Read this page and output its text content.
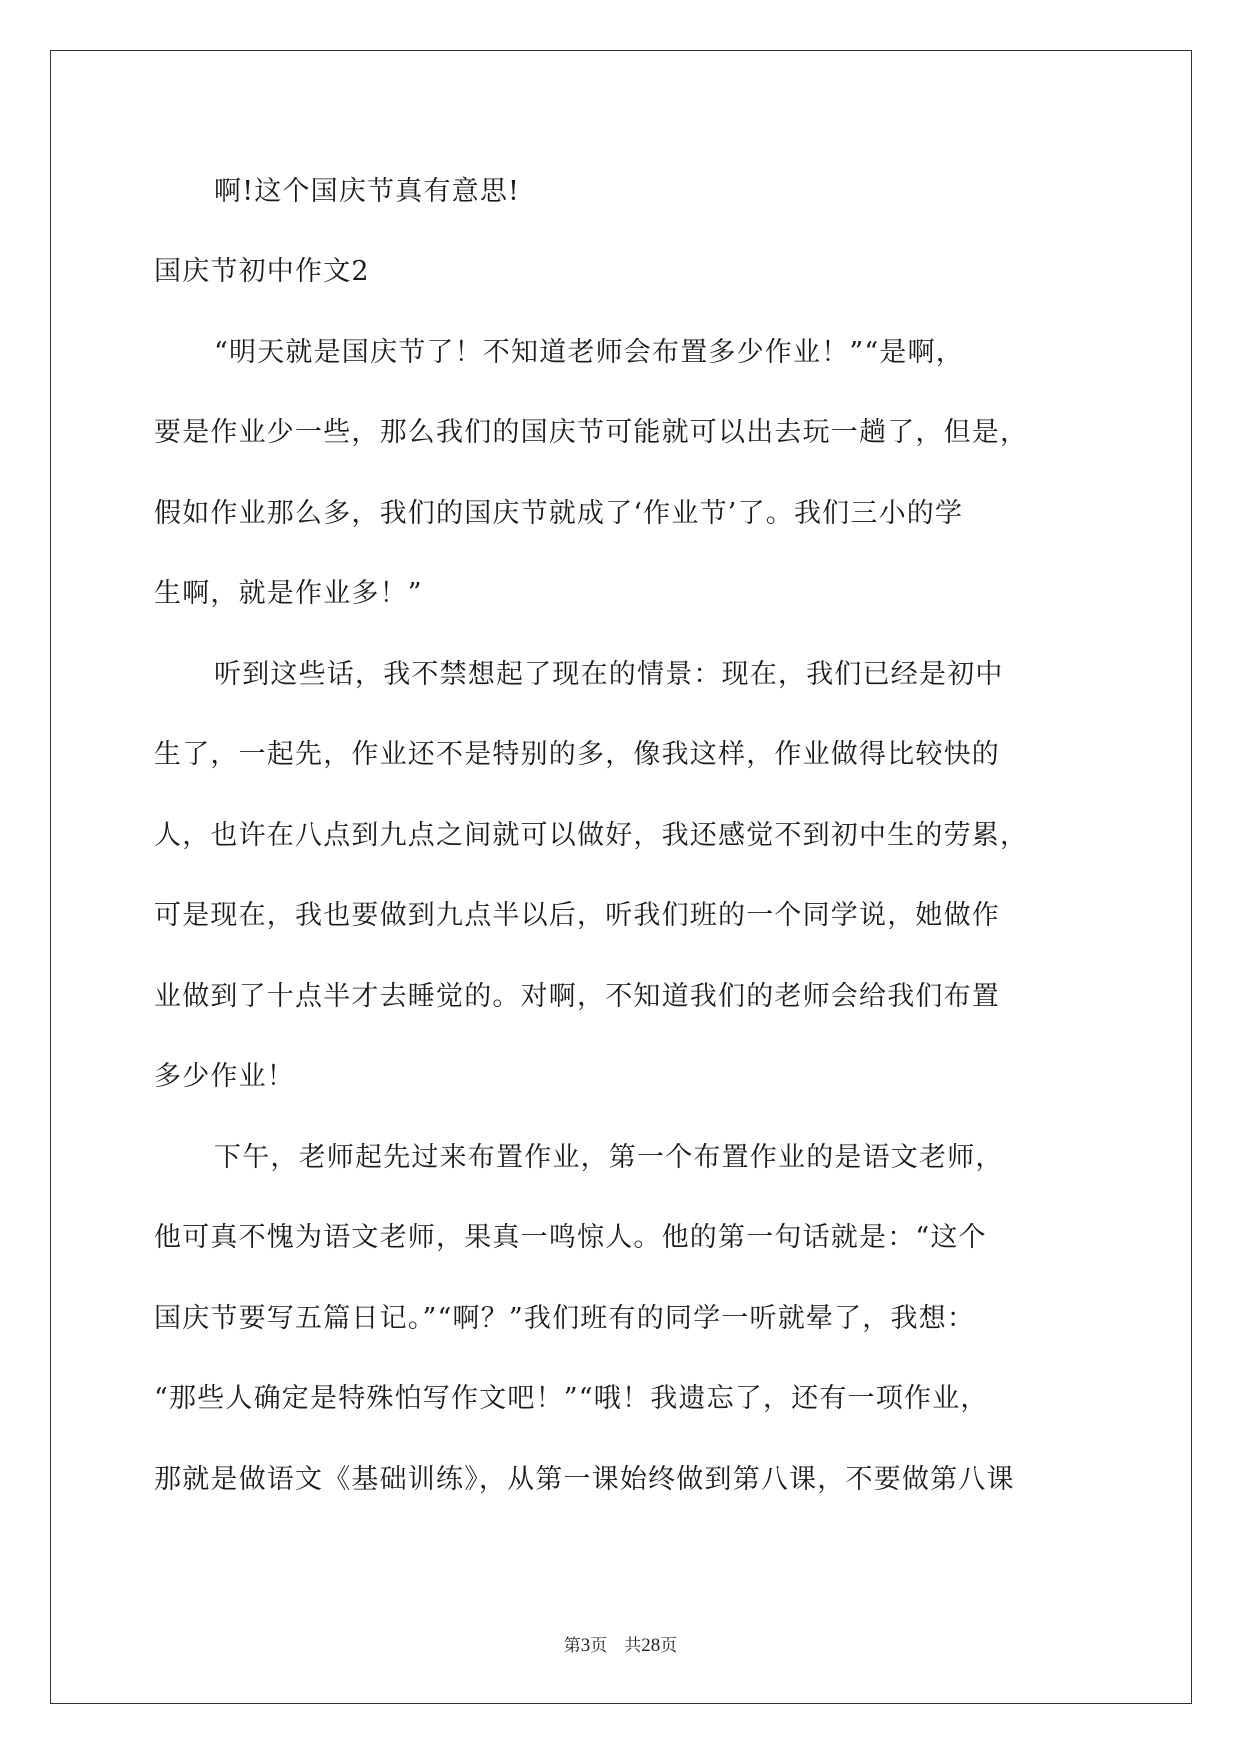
啊!这个国庆节真有意思!
国庆节初中作文2
“明天就是国庆节了！不知道老师会布置多少作业！”“是啊，
要是作业少一些，那么我们的国庆节可能就可以出去玩一趟了，但是，
假如作业那么多，我们的国庆节就成了‘作业节’了。我们三小的学
生啊，就是作业多！”
听到这些话，我不禁想起了现在的情景：现在，我们已经是初中
生了，一起先，作业还不是特别的多，像我这样，作业做得比较快的
人，也许在八点到九点之间就可以做好，我还感觉不到初中生的劳累，
可是现在，我也要做到九点半以后，听我们班的一个同学说，她做作
业做到了十点半才去睡觉的。对啊，不知道我们的老师会给我们布置
多少作业！
下午，老师起先过来布置作业，第一个布置作业的是语文老师，
他可真不愧为语文老师，果真一鸣惊人。他的第一句话就是：“这个
国庆节要写五篇日记。”“啊？”我们班有的同学一听就晕了，我想：
“那些人确定是特殊怕写作文吧！”“哦！我遗忘了，还有一项作业，
那就是做语文《基础训练》，从第一课始终做到第八课，不要做第八课
第3页　共28页
